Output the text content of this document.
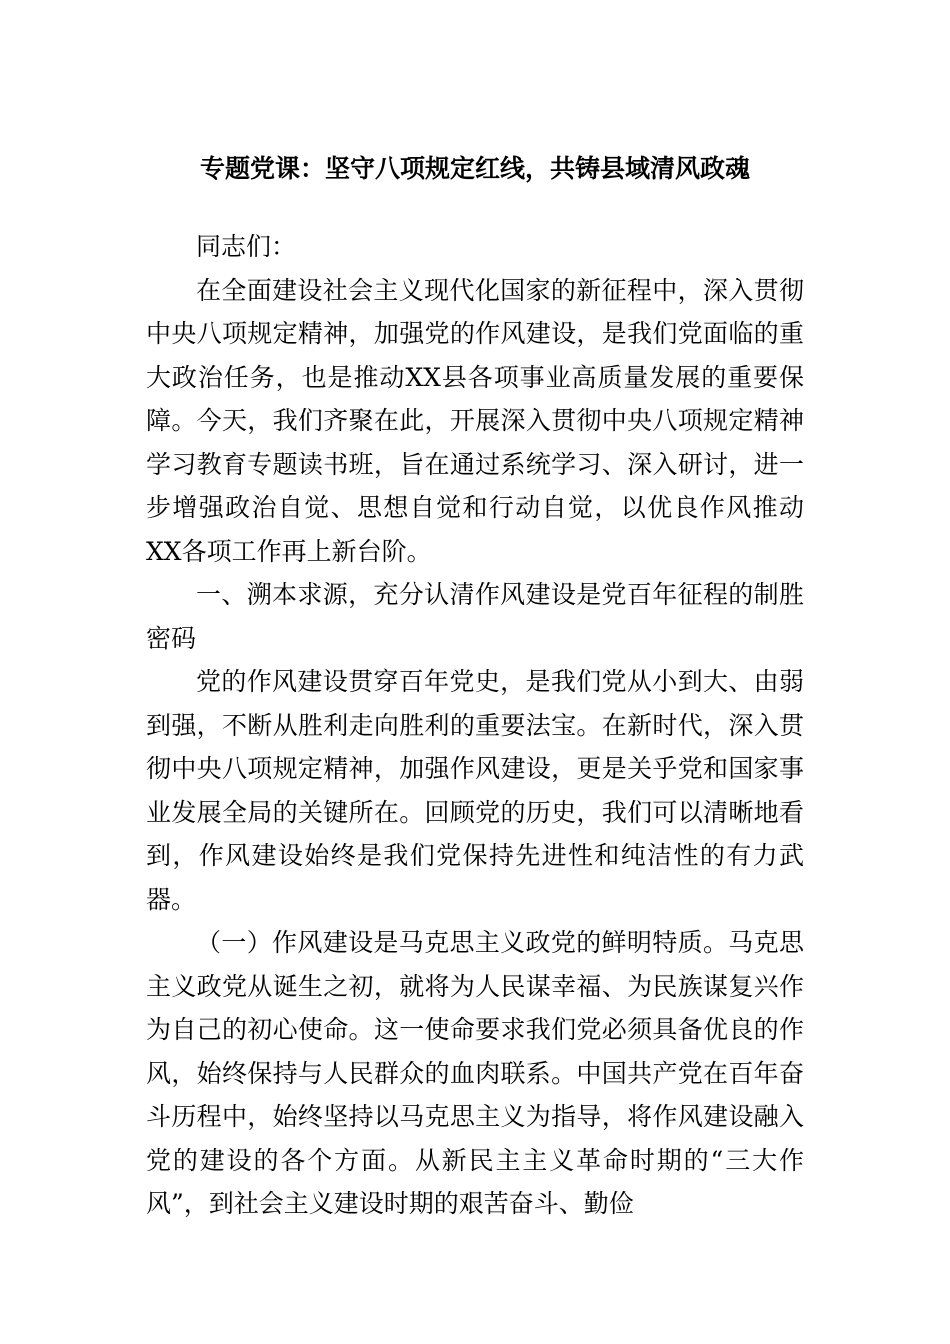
专题党课：坚守八项规定红线，共铸县域清风政魂

同志们：

在全面建设社会主义现代化国家的新征程中，深入贯彻中央八项规定精神，加强党的作风建设，是我们党面临的重大政治任务，也是推动XX县各项事业高质量发展的重要保障。今天，我们齐聚在此，开展深入贯彻中央八项规定精神学习教育专题读书班，旨在通过系统学习、深入研讨，进一步增强政治自觉、思想自觉和行动自觉，以优良作风推动XX各项工作再上新台阶。

一、溯本求源，充分认清作风建设是党百年征程的制胜密码

党的作风建设贯穿百年党史，是我们党从小到大、由弱到强，不断从胜利走向胜利的重要法宝。在新时代，深入贯彻中央八项规定精神，加强作风建设，更是关乎党和国家事业发展全局的关键所在。回顾党的历史，我们可以清晰地看到，作风建设始终是我们党保持先进性和纯洁性的有力武器。

（一）作风建设是马克思主义政党的鲜明特质。马克思主义政党从诞生之初，就将为人民谋幸福、为民族谋复兴作为自己的初心使命。这一使命要求我们党必须具备优良的作风，始终保持与人民群众的血肉联系。中国共产党在百年奋斗历程中，始终坚持以马克思主义为指导，将作风建设融入党的建设的各个方面。从新民主主义革命时期的“三大作风”，到社会主义建设时期的艰苦奋斗、勤俭
